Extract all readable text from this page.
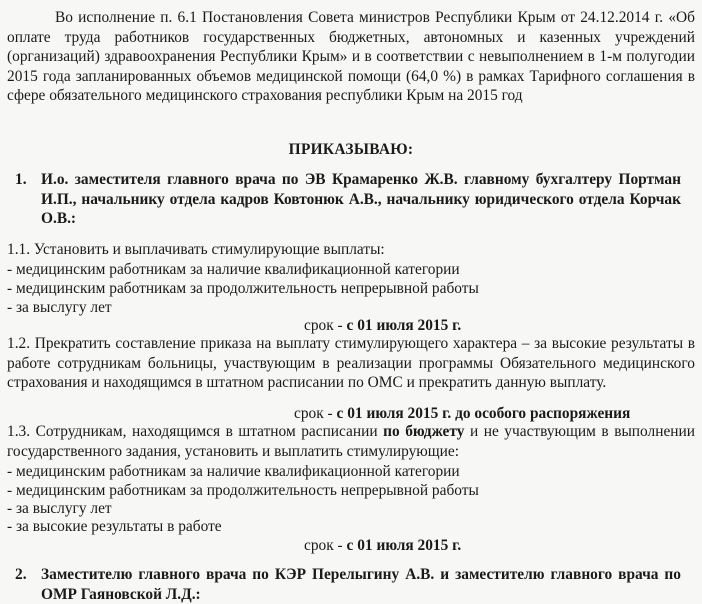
Во исполнение п. 6.1 Постановления Совета министров Республики Крым от 24.12.2014 г. «Об оплате труда работников государственных бюджетных, автономных и казенных учреждений (организаций) здравоохранения Республики Крым» и в соответствии с невыполнением в 1-м полугодии 2015 года запланированных объемов медицинской помощи (64,0 %) в рамках Тарифного соглашения в сфере обязательного медицинского страхования республики Крым на 2015 год
ПРИКАЗЫВАЮ:
1. И.о. заместителя главного врача по ЭВ Крамаренко Ж.В. главному бухгалтеру Портман И.П., начальнику отдела кадров Ковтонюк А.В., начальнику юридического отдела Корчак О.В.:
1.1. Установить и выплачивать стимулирующие выплаты:
- медицинским работникам за наличие квалификационной категории
- медицинским работникам за продолжительность непрерывной работы
- за выслугу лет
срок - с 01 июля 2015 г.
1.2. Прекратить составление приказа на выплату стимулирующего характера – за высокие результаты в работе сотрудникам больницы, участвующим в реализации программы Обязательного медицинского страхования и находящимся в штатном расписании по ОМС и прекратить данную выплату.
срок - с 01 июля 2015 г. до особого распоряжения
1.3. Сотрудникам, находящимся в штатном расписании по бюджету и не участвующим в выполнении государственного задания, установить и выплатить стимулирующие:
- медицинским работникам за наличие квалификационной категории
- медицинским работникам за продолжительность непрерывной работы
- за выслугу лет
- за высокие результаты в работе
срок - с 01 июля 2015 г.
2. Заместителю главного врача по КЭР Перелыгину А.В. и заместителю главного врача по ОМР Гаяновской Л.Д.:
